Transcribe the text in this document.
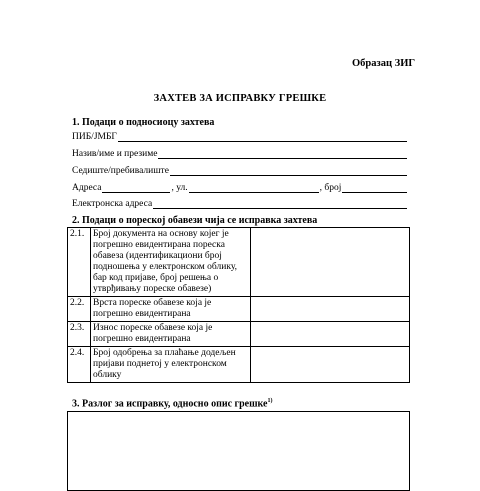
Образац ЗИГ
ЗАХТЕВ ЗА ИСПРАВКУ ГРЕШКЕ
1. Подаци о подносиоцу захтева
ПИБ/ЈМБГ
Назив/име и презиме
Седиште/пребивалиште
Адреса	, ул.	, број
Електронска адреса
2. Подаци о пореској обавези чија се исправка захтева
2.1.	Број документа на основу којег је погрешно евидентирана пореска обавеза (идентификациони број подношења у електронском облику, бар код пријаве, број решења о утврђивању пореске обавезе)	
2.2.	Врста пореске обавезе која је погрешно евидентирана	
2.3.	Износ пореске обавезе која је погрешно евидентирана	
2.4.	Број одобрења за плаћање додељен пријави поднетој у електронском облику	
3. Разлог за исправку, односно опис грешке$^{1)}$
